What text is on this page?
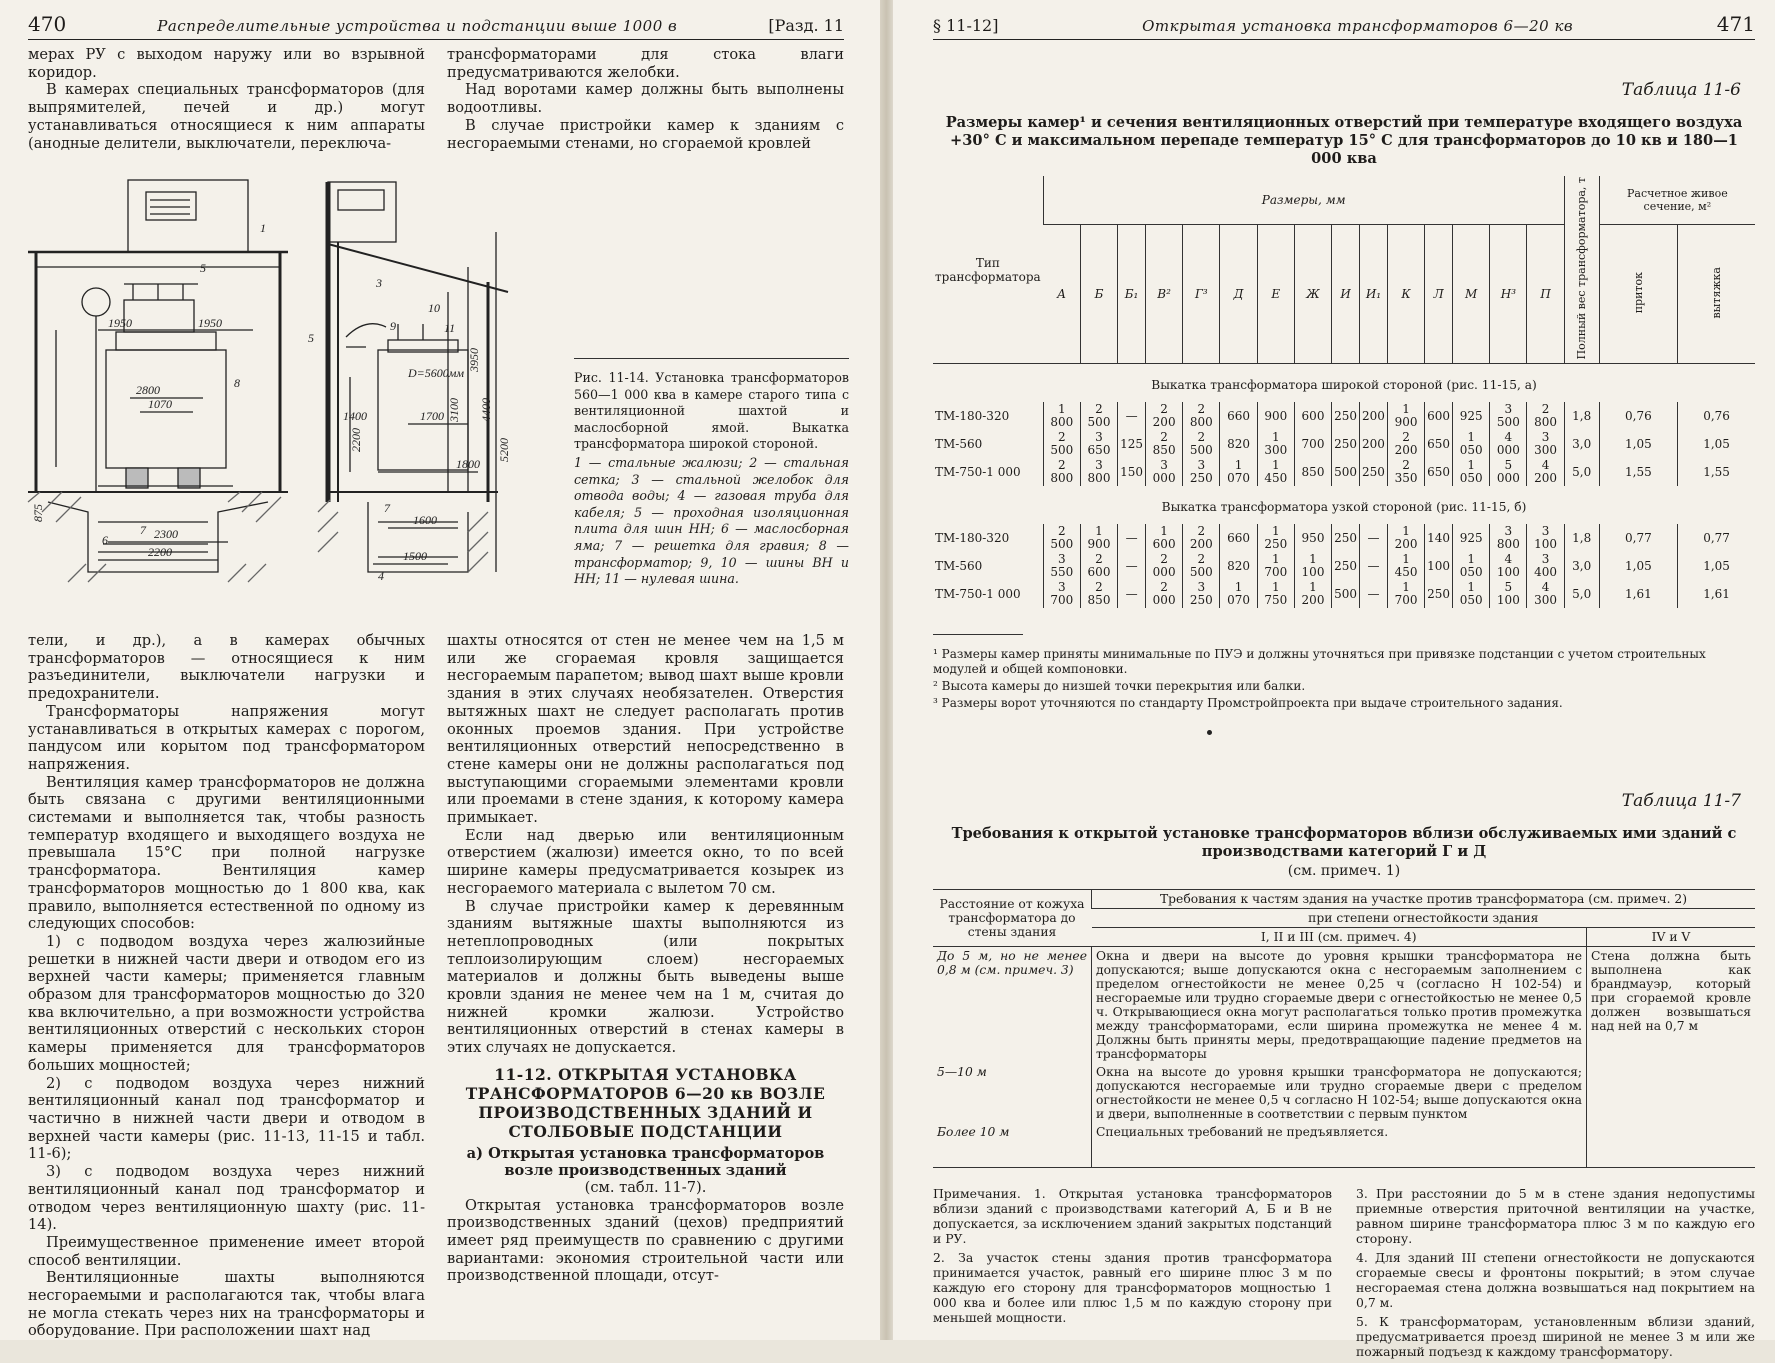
470	Распределительные устройства и подстанции выше 1000 в	[Разд. 11

мерах РУ с выходом наружу или во взрывной коридор.

В камерах специальных трансформаторов (для выпрямителей, печей и др.) могут устанавливаться относящиеся к ним аппараты (анодные делители, выключатели, переключа-

трансформаторами для стока влаги предусматриваются желобки.

Над воротами камер должны быть выполнены водоотливы.

В случае пристройки камер к зданиям с несгораемыми стенами, но сгораемой кровлей

1950	1950
2800
1070
2300
2200
875
1400	1700
1800
1600
1500
2200
3100
3950
4400
5200
D=5600мм
1
5
8
6
7
3
9
10
11
5
7
4

Рис. 11-14. Установка трансформаторов 560—1 000 ква в камере старого типа с вентиляционной шахтой и маслосборной ямой. Выкатка трансформатора широкой стороной.

1 — стальные жалюзи; 2 — стальная сетка; 3 — стальной желобок для отвода воды; 4 — газовая труба для кабеля; 5 — проходная изоляционная плита для шин НН; 6 — маслосборная яма; 7 — решетка для гравия; 8 — трансформатор; 9, 10 — шины ВН и НН; 11 — нулевая шина.

тели, и др.), а в камерах обычных трансформаторов — относящиеся к ним разъединители, выключатели нагрузки и предохранители.

Трансформаторы напряжения могут устанавливаться в открытых камерах с порогом, пандусом или корытом под трансформатором напряжения.

Вентиляция камер трансформаторов не должна быть связана с другими вентиляционными системами и выполняется так, чтобы разность температур входящего и выходящего воздуха не превышала 15°С при полной нагрузке трансформатора. Вентиляция камер трансформаторов мощностью до 1 800 ква, как правило, выполняется естественной по одному из следующих способов:

1) с подводом воздуха через жалюзийные решетки в нижней части двери и отводом его из верхней части камеры; применяется главным образом для трансформаторов мощностью до 320 ква включительно, а при возможности устройства вентиляционных отверстий с нескольких сторон камеры применяется для трансформаторов больших мощностей;

2) с подводом воздуха через нижний вентиляционный канал под трансформатор и частично в нижней части двери и отводом в верхней части камеры (рис. 11-13, 11-15 и табл. 11-6);

3) с подводом воздуха через нижний вентиляционный канал под трансформатор и отводом через вентиляционную шахту (рис. 11-14).

Преимущественное применение имеет второй способ вентиляции.

Вентиляционные шахты выполняются несгораемыми и располагаются так, чтобы влага не могла стекать через них на трансформаторы и оборудование. При расположении шахт над

шахты относятся от стен не менее чем на 1,5 м или же сгораемая кровля защищается несгораемым парапетом; вывод шахт выше кровли здания в этих случаях необязателен. Отверстия вытяжных шахт не следует располагать против оконных проемов здания. При устройстве вентиляционных отверстий непосредственно в стене камеры они не должны располагаться под выступающими сгораемыми элементами кровли или проемами в стене здания, к которому камера примыкает.

Если над дверью или вентиляционным отверстием (жалюзи) имеется окно, то по всей ширине камеры предусматривается козырек из несгораемого материала с вылетом 70 см.

В случае пристройки камер к деревянным зданиям вытяжные шахты выполняются из нетеплопроводных (или покрытых теплоизолирующим слоем) несгораемых материалов и должны быть выведены выше кровли здания не менее чем на 1 м, считая до нижней кромки жалюзи. Устройство вентиляционных отверстий в стенах камеры в этих случаях не допускается.

11-12. ОТКРЫТАЯ УСТАНОВКА ТРАНСФОРМАТОРОВ 6—20 кв ВОЗЛЕ ПРОИЗВОДСТВЕННЫХ ЗДАНИЙ И СТОЛБОВЫЕ ПОДСТАНЦИИ
а) Открытая установка трансформаторов возле производственных зданий
(см. табл. 11-7).

Открытая установка трансформаторов возле производственных зданий (цехов) предприятий имеет ряд преимуществ по сравнению с другими вариантами: экономия строительной части или производственной площади, отсут-

§ 11-12]	Открытая установка трансформаторов 6—20 кв	471
Таблица 11-6
Размеры камер¹ и сечения вентиляционных отверстий при температуре входящего воздуха +30° С и максимальном перепаде температур 15° С для трансформаторов до 10 кв и 180—1 000 ква
Тип трансформатора	Размеры, мм															Полный вес трансформатора, т	Расчетное живое сечение, м²	
	А	Б	Б₁	В²	Г³	Д	Е	Ж	И	И₁	К	Л	М	Н³	П		приток	вытяжка
Выкатка трансформатора широкой стороной (рис. 11-15, а)																		
ТМ-180-320	1 800	2 500	—	2 200	2 800	660	900	600	250	200	1 900	600	925	3 500	2 800	1,8	0,76	0,76
ТМ-560	2 500	3 650	125	2 850	2 500	820	1 300	700	250	200	2 200	650	1 050	4 000	3 300	3,0	1,05	1,05
ТМ-750-1 000	2 800	3 800	150	3 000	3 250	1 070	1 450	850	500	250	2 350	650	1 050	5 000	4 200	5,0	1,55	1,55
Выкатка трансформатора узкой стороной (рис. 11-15, б)																		
ТМ-180-320	2 500	1 900	—	1 600	2 200	660	1 250	950	250	—	1 200	140	925	3 800	3 100	1,8	0,77	0,77
ТМ-560	3 550	2 600	—	2 000	2 500	820	1 700	1 100	250	—	1 450	100	1 050	4 100	3 400	3,0	1,05	1,05
ТМ-750-1 000	3 700	2 850	—	2 000	3 250	1 070	1 750	1 200	500	—	1 700	250	1 050	5 100	4 300	5,0	1,61	1,61
¹ Размеры камер приняты минимальные по ПУЭ и должны уточняться при привязке подстанции с учетом строительных модулей и общей компоновки.
² Высота камеры до низшей точки перекрытия или балки.
³ Размеры ворот уточняются по стандарту Промстройпроекта при выдаче строительного задания.
Таблица 11-7
Требования к открытой установке трансформаторов вблизи обслуживаемых ими зданий с производствами категорий Г и Д
(см. примеч. 1)
Расстояние от кожуха трансформатора до стены здания	Требования к частям здания на участке против трансформатора (см. примеч. 2)	
	при степени огнестойкости здания	
	I, II и III (см. примеч. 4)	IV и V
До 5 м, но не менее 0,8 м (см. примеч. 3)	Окна и двери на высоте до уровня крышки трансформатора не допускаются; выше допускаются окна с несгораемым заполнением с пределом огнестойкости не менее 0,25 ч (согласно Н 102-54) и несгораемые или трудно сгораемые двери с огнестойкостью не менее 0,5 ч. Открывающиеся окна могут располагаться только против промежутка между трансформаторами, если ширина промежутка не менее 4 м. Должны быть приняты меры, предотвращающие падение предметов на трансформаторы	Стена должна быть выполнена как брандмауэр, который при сгораемой кровле должен возвышаться над ней на 0,7 м
5—10 м	Окна на высоте до уровня крышки трансформатора не допускаются; допускаются несгораемые или трудно сгораемые двери с пределом огнестойкости не менее 0,5 ч согласно Н 102-54; выше допускаются окна и двери, выполненные в соответствии с первым пунктом	
Более 10 м	Специальных требований не предъявляется.	

Примечания. 1. Открытая установка трансформаторов вблизи зданий с производствами категорий А, Б и В не допускается, за исключением зданий закрытых подстанций и РУ.

2. За участок стены здания против трансформатора принимается участок, равный его ширине плюс 3 м по каждую его сторону для трансформаторов мощностью 1 000 ква и более или плюс 1,5 м по каждую сторону при меньшей мощности.

3. При расстоянии до 5 м в стене здания недопустимы приемные отверстия приточной вентиляции на участке, равном ширине трансформатора плюс 3 м по каждую его сторону.

4. Для зданий III степени огнестойкости не допускаются сгораемые свесы и фронтоны покрытий; в этом случае несгораемая стена должна возвышаться над покрытием на 0,7 м.

5. К трансформаторам, установленным вблизи зданий, предусматривается проезд шириной не менее 3 м или же пожарный подъезд к каждому трансформатору.
